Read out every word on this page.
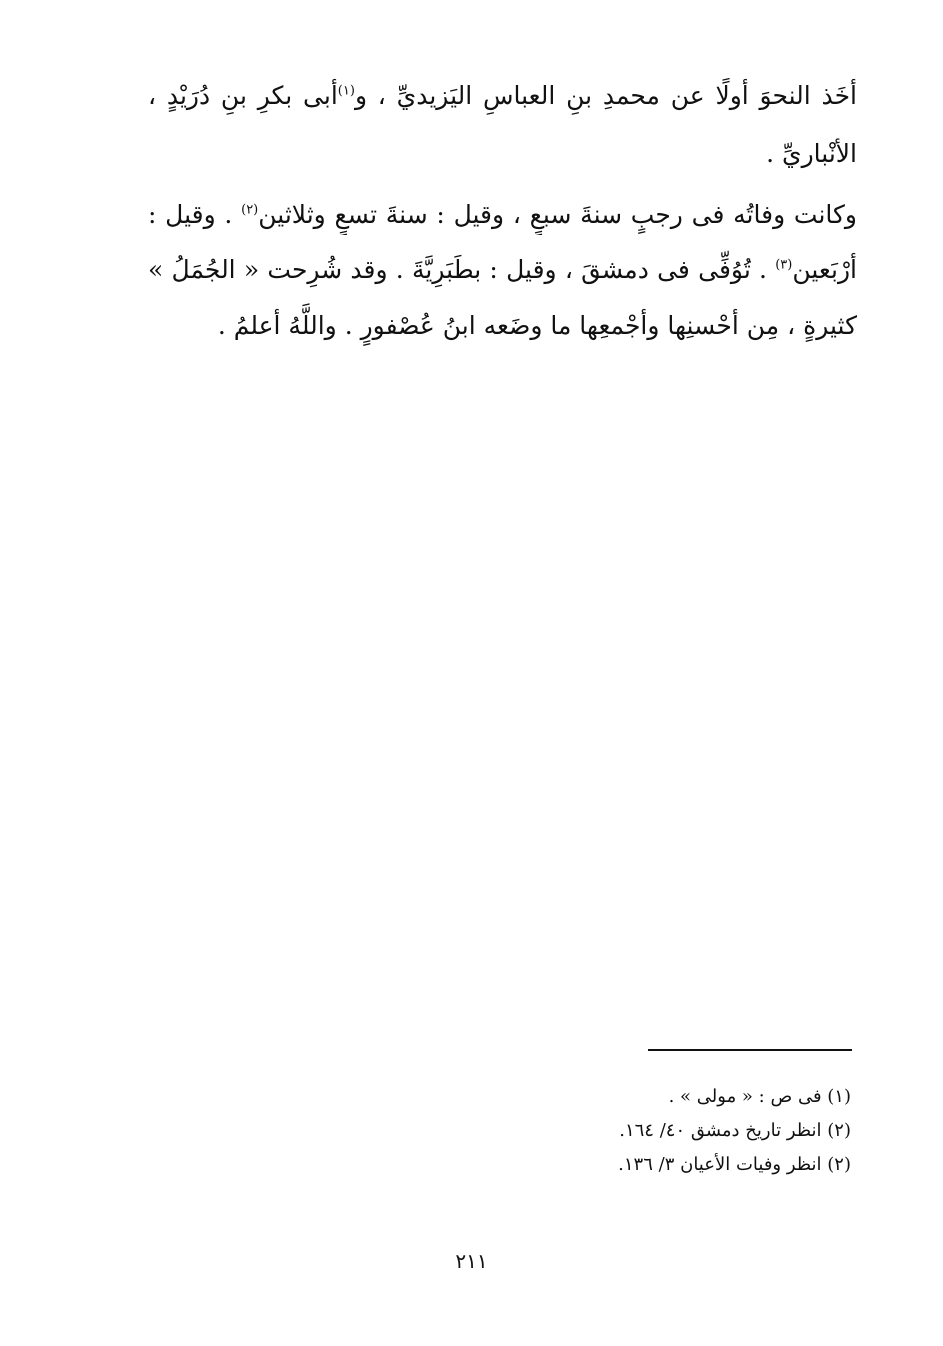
أخَذ النحوَ أولًا عن محمدِ بنِ العباسِ اليَزيديِّ ، و$^{(١)}$أبى بكرِ بنِ دُرَيْدٍ ،
الأنْباريِّ .
وكانت وفاتُه فى رجبٍ سنةَ سبعٍ ، وقيل : سنةَ تسعٍ وثلاثين$^{(٢)}$ . وقيل :
أرْبَعين$^{(٣)}$ . تُوُفِّى فى دمشقَ ، وقيل : بطَبَرِيَّةَ . وقد شُرِحت « الجُمَلُ »
كثيرةٍ ، مِن أحْسنِها وأجْمعِها ما وضَعه ابنُ عُصْفورٍ . واللَّهُ أعلمُ .
(١) فى ص : « مولى » .
(٢) انظر تاريخ دمشق ٤٠/ ١٦٤.
(٢) انظر وفيات الأعيان ٣/ ١٣٦.
٢١١
